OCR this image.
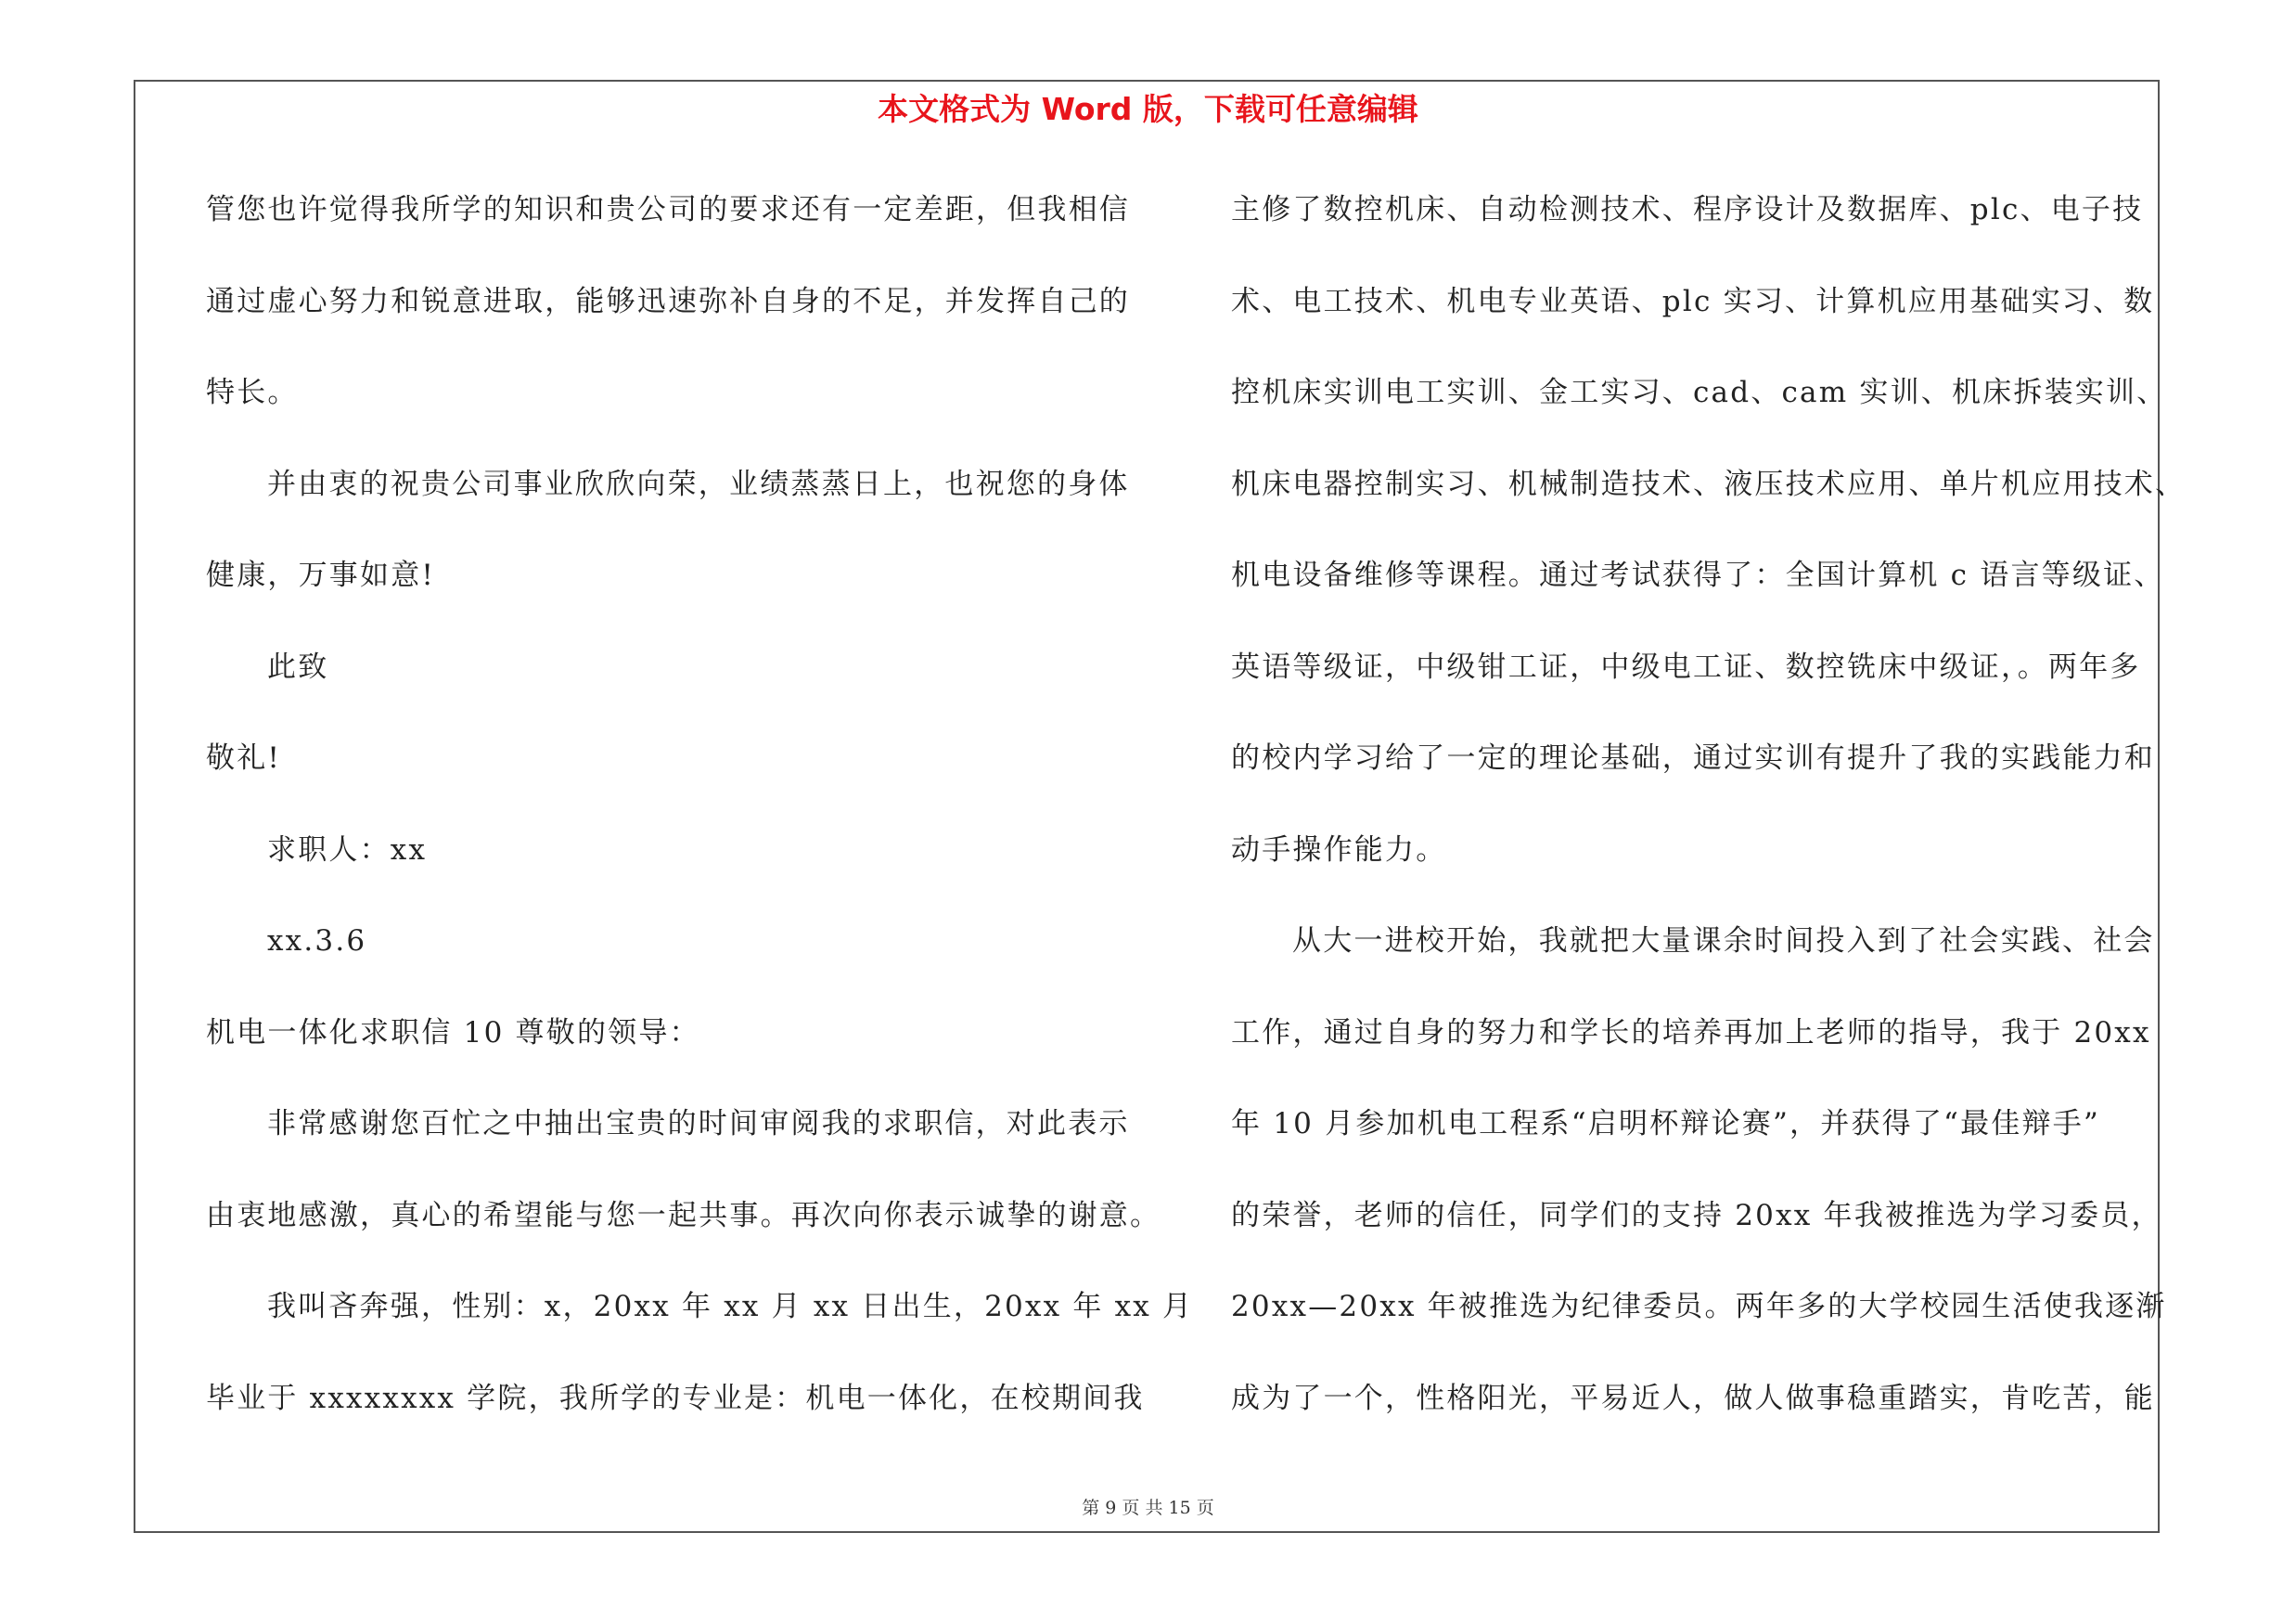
本文格式为 Word 版，下载可任意编辑
管您也许觉得我所学的知识和贵公司的要求还有一定差距，但我相信
通过虚心努力和锐意进取，能够迅速弥补自身的不足，并发挥自己的
特长。
并由衷的祝贵公司事业欣欣向荣，业绩蒸蒸日上，也祝您的身体
健康，万事如意!
此致
敬礼!
求职人：xx
xx.3.6
机电一体化求职信 10 尊敬的领导：
非常感谢您百忙之中抽出宝贵的时间审阅我的求职信，对此表示
由衷地感激，真心的希望能与您一起共事。再次向你表示诚挚的谢意。
我叫吝奔强，性别：x，20xx 年 xx 月 xx 日出生，20xx 年 xx 月
毕业于 xxxxxxxx 学院，我所学的专业是：机电一体化，在校期间我
主修了数控机床、自动检测技术、程序设计及数据库、plc、电子技
术、电工技术、机电专业英语、plc 实习、计算机应用基础实习、数
控机床实训电工实训、金工实习、cad、cam 实训、机床拆装实训、
机床电器控制实习、机械制造技术、液压技术应用、单片机应用技术、
机电设备维修等课程。通过考试获得了：全国计算机 c 语言等级证、
英语等级证，中级钳工证，中级电工证、数控铣床中级证，。两年多
的校内学习给了一定的理论基础，通过实训有提升了我的实践能力和
动手操作能力。
从大一进校开始，我就把大量课余时间投入到了社会实践、社会
工作，通过自身的努力和学长的培养再加上老师的指导，我于 20xx
年 10 月参加机电工程系“启明杯辩论赛”，并获得了“最佳辩手”
的荣誉，老师的信任，同学们的支持 20xx 年我被推选为学习委员，
20xx—20xx 年被推选为纪律委员。两年多的大学校园生活使我逐渐
成为了一个，性格阳光，平易近人，做人做事稳重踏实，肯吃苦，能
第 9 页 共 15 页
